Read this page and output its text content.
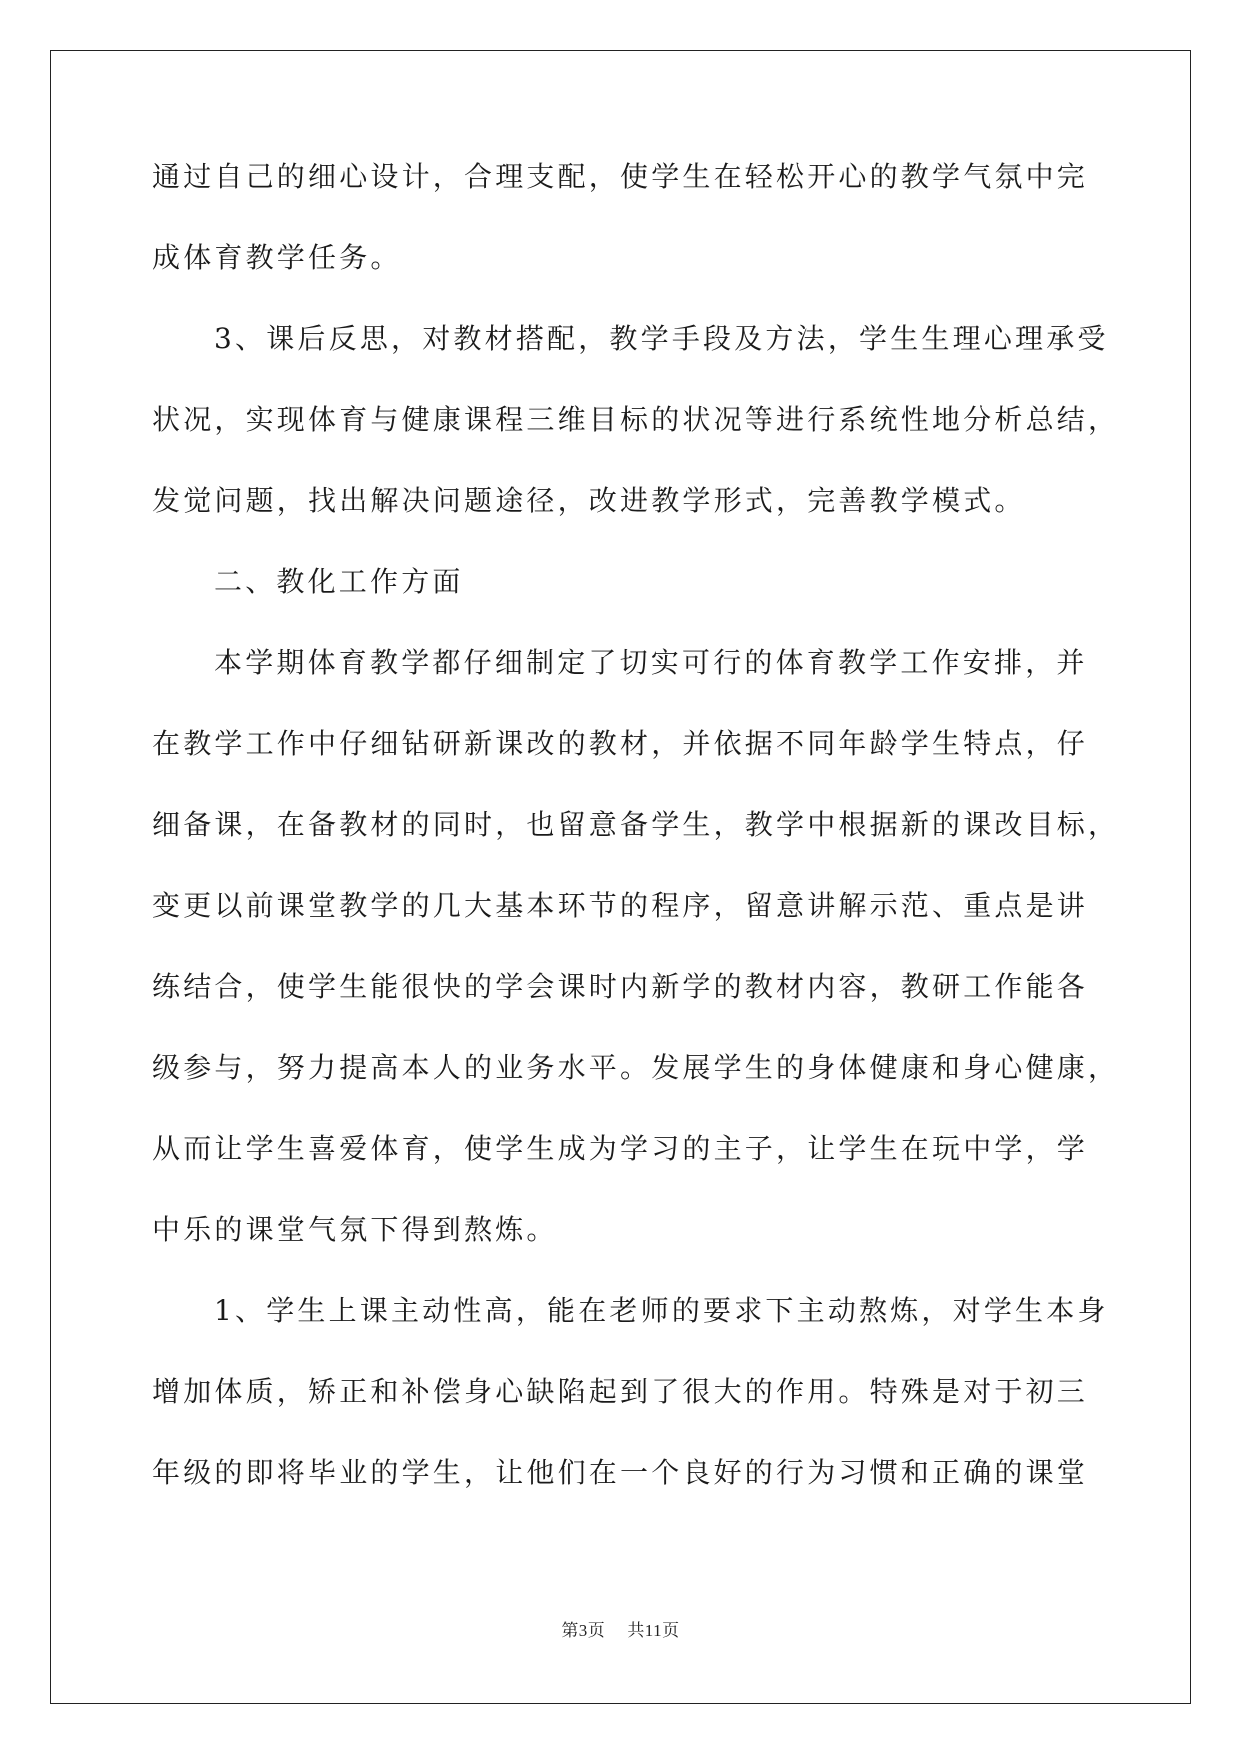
通过自己的细心设计，合理支配，使学生在轻松开心的教学气氛中完
成体育教学任务。
3、课后反思，对教材搭配，教学手段及方法，学生生理心理承受
状况，实现体育与健康课程三维目标的状况等进行系统性地分析总结，
发觉问题，找出解决问题途径，改进教学形式，完善教学模式。
二、教化工作方面
本学期体育教学都仔细制定了切实可行的体育教学工作安排，并
在教学工作中仔细钻研新课改的教材，并依据不同年龄学生特点，仔
细备课，在备教材的同时，也留意备学生，教学中根据新的课改目标，
变更以前课堂教学的几大基本环节的程序，留意讲解示范、重点是讲
练结合，使学生能很快的学会课时内新学的教材内容，教研工作能各
级参与，努力提高本人的业务水平。发展学生的身体健康和身心健康，
从而让学生喜爱体育，使学生成为学习的主子，让学生在玩中学，学
中乐的课堂气氛下得到熬炼。
1、学生上课主动性高，能在老师的要求下主动熬炼，对学生本身
增加体质，矫正和补偿身心缺陷起到了很大的作用。特殊是对于初三
年级的即将毕业的学生，让他们在一个良好的行为习惯和正确的课堂
第3页 共11页
